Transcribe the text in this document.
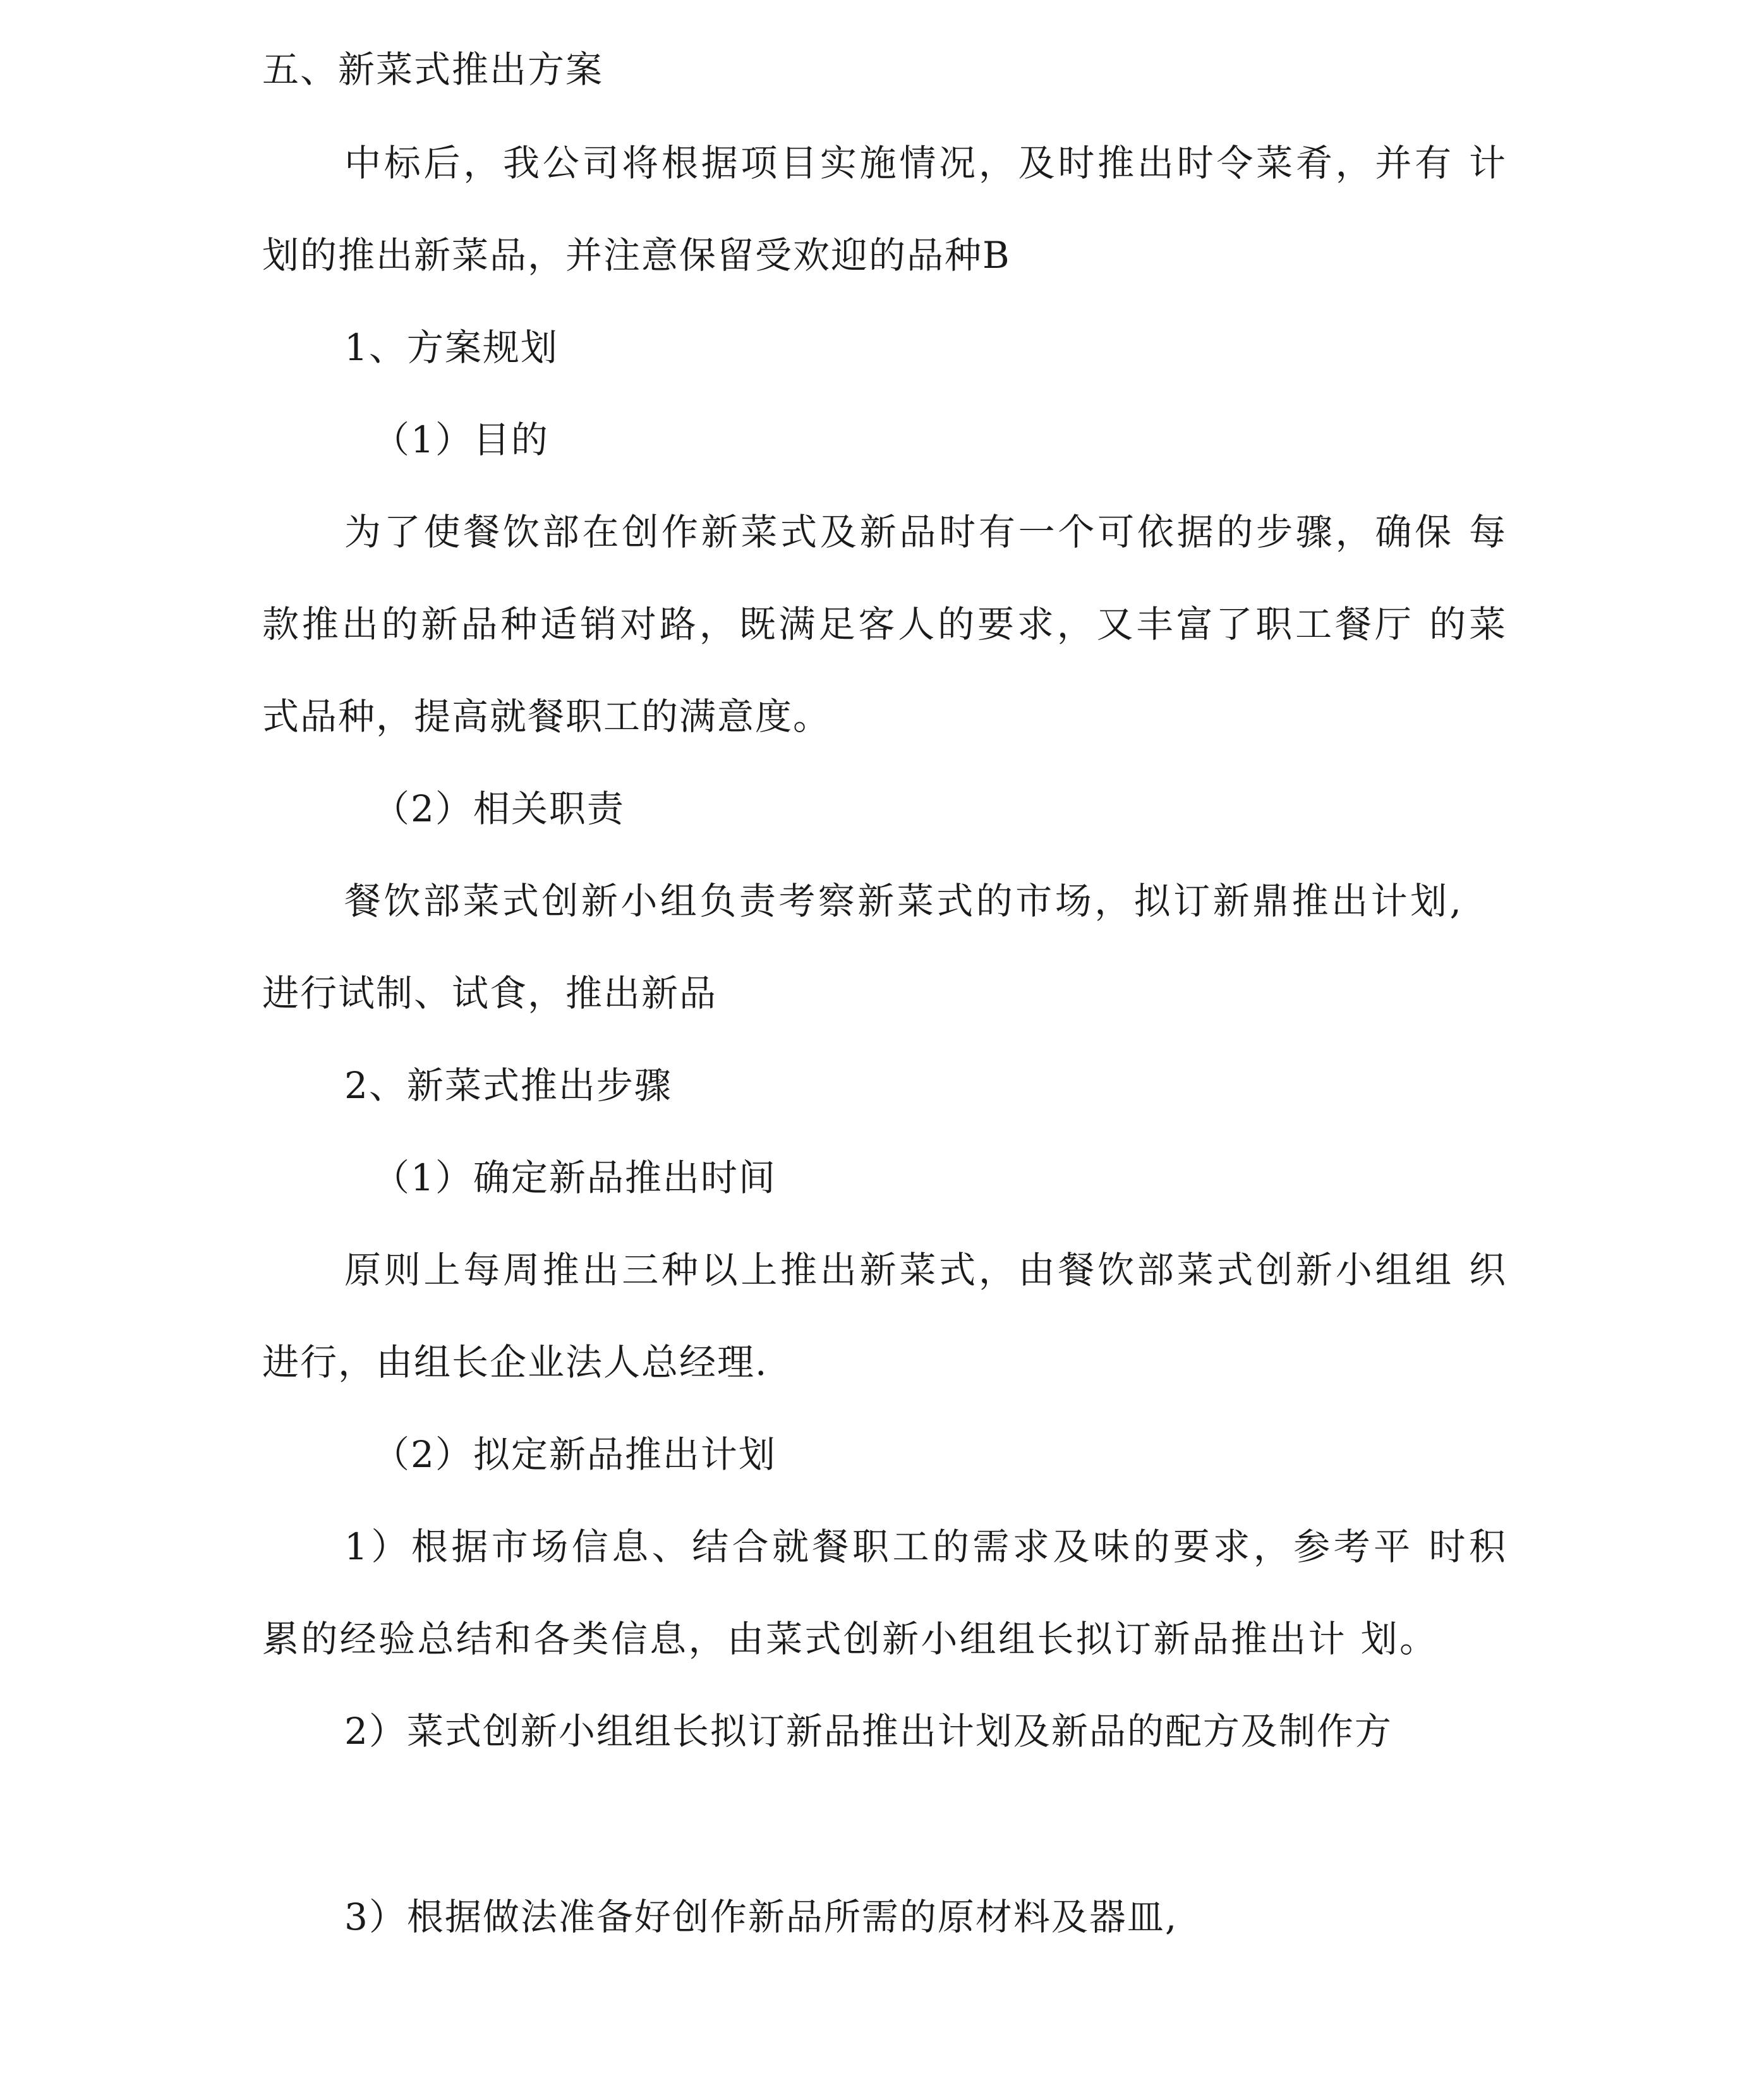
五、新菜式推出方案
中标后，我公司将根据项目实施情况，及时推出时令菜肴，并有 计
划的推出新菜品，并注意保留受欢迎的品种B
1、方案规划
（1）目的
为了使餐饮部在创作新菜式及新品时有一个可依据的步骤，确保 每
款推出的新品种适销对路，既满足客人的要求，又丰富了职工餐厅 的菜
式品种，提高就餐职工的满意度。
（2）相关职责
餐饮部菜式创新小组负责考察新菜式的市场，拟订新鼎推出计划,
进行试制、试食，推出新品
2、新菜式推出步骤
（1）确定新品推出时间
原则上每周推出三种以上推出新菜式，由餐饮部菜式创新小组组 织
进行，由组长企业法人总经理.
（2）拟定新品推出计划
1）根据市场信息、结合就餐职工的需求及味的要求，参考平 时积
累的经验总结和各类信息，由菜式创新小组组长拟订新品推出计 划。
2）菜式创新小组组长拟订新品推出计划及新品的配方及制作方
3）根据做法准备好创作新品所需的原材料及器皿,
